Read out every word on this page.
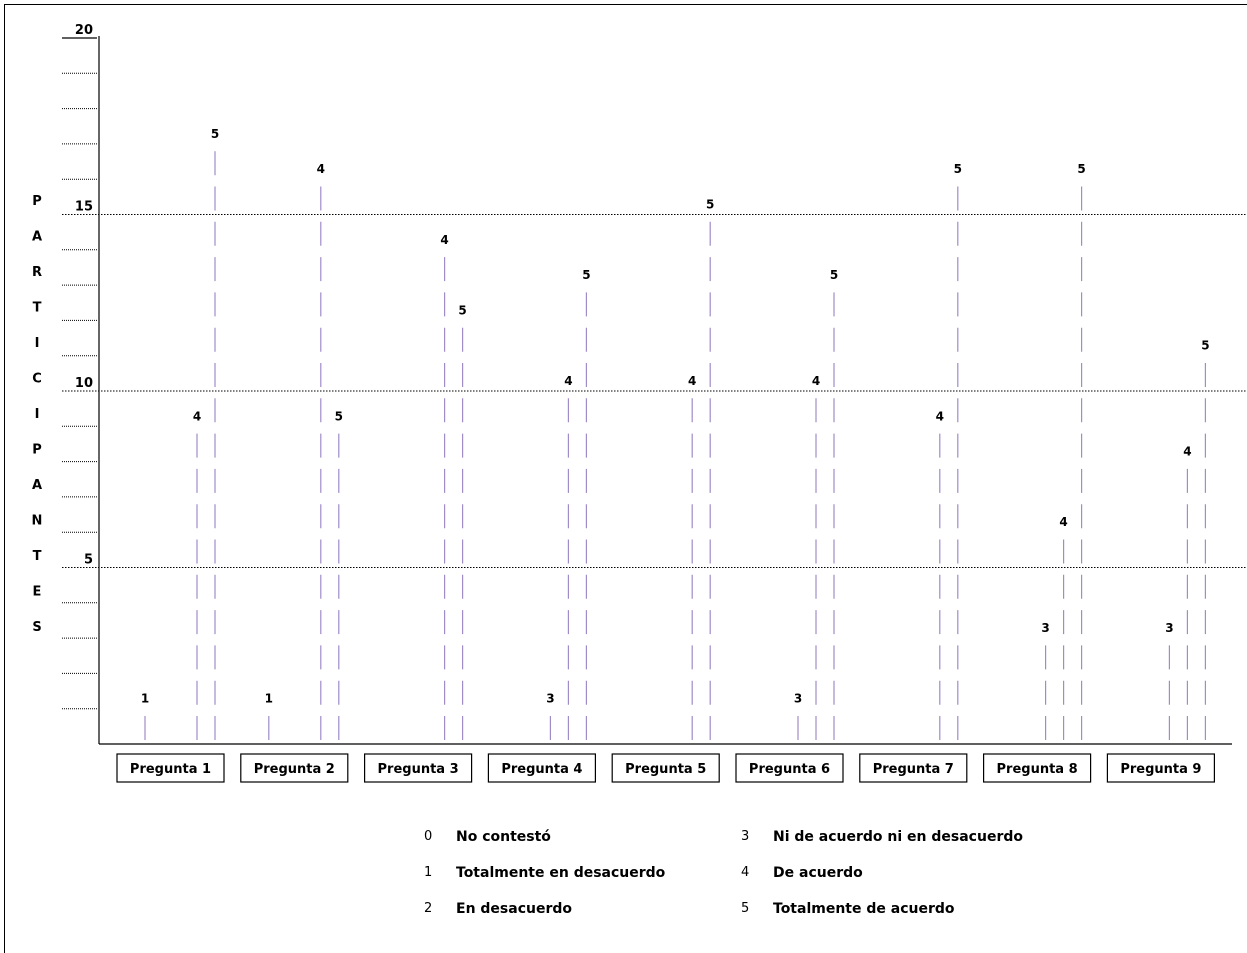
5
10
15
20
P
A
R
T
I
C
I
P
A
N
T
E
S
1
4
5
Pregunta 1
1
4
5
Pregunta 2
4
5
Pregunta 3
3
4
5
Pregunta 4
4
5
Pregunta 5
3
4
5
Pregunta 6
4
5
Pregunta 7
3
4
5
Pregunta 8
3
4
5
Pregunta 9
0 No contestó
1 Totalmente en desacuerdo
2 En desacuerdo
3 Ni de acuerdo ni en desacuerdo
4 De acuerdo
5 Totalmente de acuerdo
